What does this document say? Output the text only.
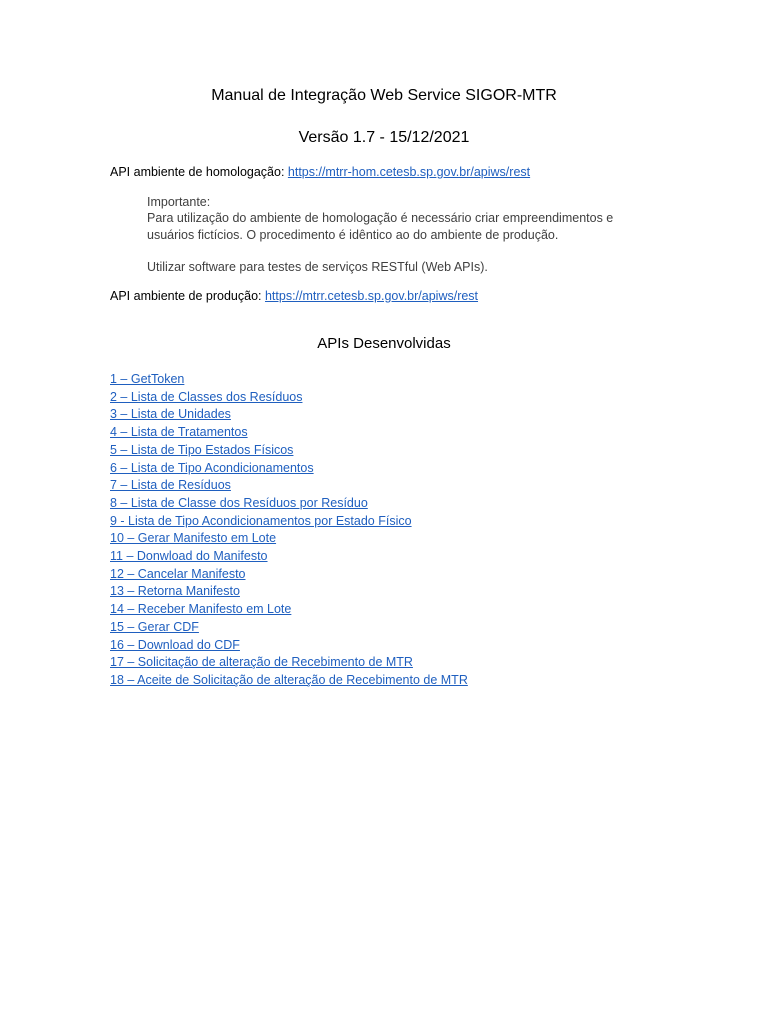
Manual de Integração Web Service SIGOR-MTR
Versão 1.7 - 15/12/2021
API ambiente de homologação: https://mtrr-hom.cetesb.sp.gov.br/apiws/rest
Importante:
Para utilização do ambiente de homologação é necessário criar empreendimentos e usuários fictícios. O procedimento é idêntico ao do ambiente de produção.
Utilizar software para testes de serviços RESTful (Web APIs).
API ambiente de produção: https://mtrr.cetesb.sp.gov.br/apiws/rest
APIs Desenvolvidas
1 – GetToken
2 – Lista de Classes dos Resíduos
3 – Lista de Unidades
4 – Lista de Tratamentos
5 – Lista de Tipo Estados Físicos
6 – Lista de Tipo Acondicionamentos
7 – Lista de Resíduos
8 – Lista de Classe dos Resíduos por Resíduo
9 - Lista de Tipo Acondicionamentos por Estado Físico
10 – Gerar Manifesto em Lote
11 – Donwload do Manifesto
12 – Cancelar Manifesto
13 – Retorna Manifesto
14 – Receber Manifesto em Lote
15 – Gerar CDF
16 – Download do CDF
17 – Solicitação de alteração de Recebimento de MTR
18 – Aceite de Solicitação de alteração de Recebimento de MTR
